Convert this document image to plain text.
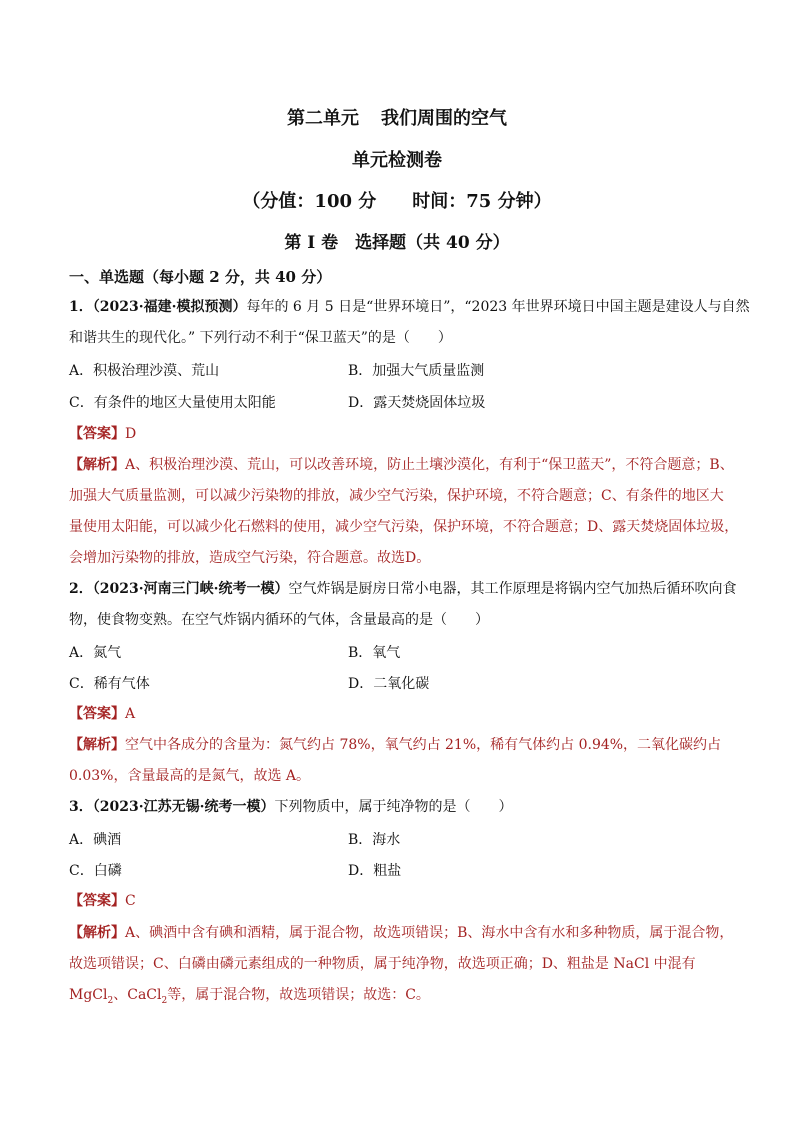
第二单元 我们周围的空气
单元检测卷
（分值：100 分　　时间：75 分钟）
第 I 卷　选择题（共 40 分）
一、单选题（每小题 2 分，共 40 分）
1．（2023·福建·模拟预测）每年的 6 月 5 日是“世界环境日”，“2023 年世界环境日中国主题是建设人与自然
和谐共生的现代化。” 下列行动不利于“保卫蓝天”的是（　　）
A．积极治理沙漠、荒山	B．加强大气质量监测
C．有条件的地区大量使用太阳能	D．露天焚烧固体垃圾
【答案】D
【解析】A、积极治理沙漠、荒山，可以改善环境，防止土壤沙漠化，有利于“保卫蓝天”，不符合题意；B、
加强大气质量监测，可以减少污染物的排放，减少空气污染，保护环境，不符合题意；C、有条件的地区大
量使用太阳能，可以减少化石燃料的使用，减少空气污染，保护环境，不符合题意；D、露天焚烧固体垃圾，
会增加污染物的排放，造成空气污染，符合题意。故选D。
2．（2023·河南三门峡·统考一模）空气炸锅是厨房日常小电器，其工作原理是将锅内空气加热后循环吹向食
物，使食物变熟。在空气炸锅内循环的气体，含量最高的是（　　）
A．氮气	B．氧气
C．稀有气体	D．二氧化碳
【答案】A
【解析】空气中各成分的含量为：氮气约占 78%，氧气约占 21%，稀有气体约占 0.94%，二氧化碳约占
0.03%，含量最高的是氮气，故选 A。
3．（2023·江苏无锡·统考一模）下列物质中，属于纯净物的是（　　）
A．碘酒	B．海水
C．白磷	D．粗盐
【答案】C
【解析】A、碘酒中含有碘和酒精，属于混合物，故选项错误；B、海水中含有水和多种物质，属于混合物，
故选项错误；C、白磷由磷元素组成的一种物质，属于纯净物，故选项正确；D、粗盐是 NaCl 中混有
MgCl$_2$、CaCl$_2$等，属于混合物，故选项错误；故选：C。
